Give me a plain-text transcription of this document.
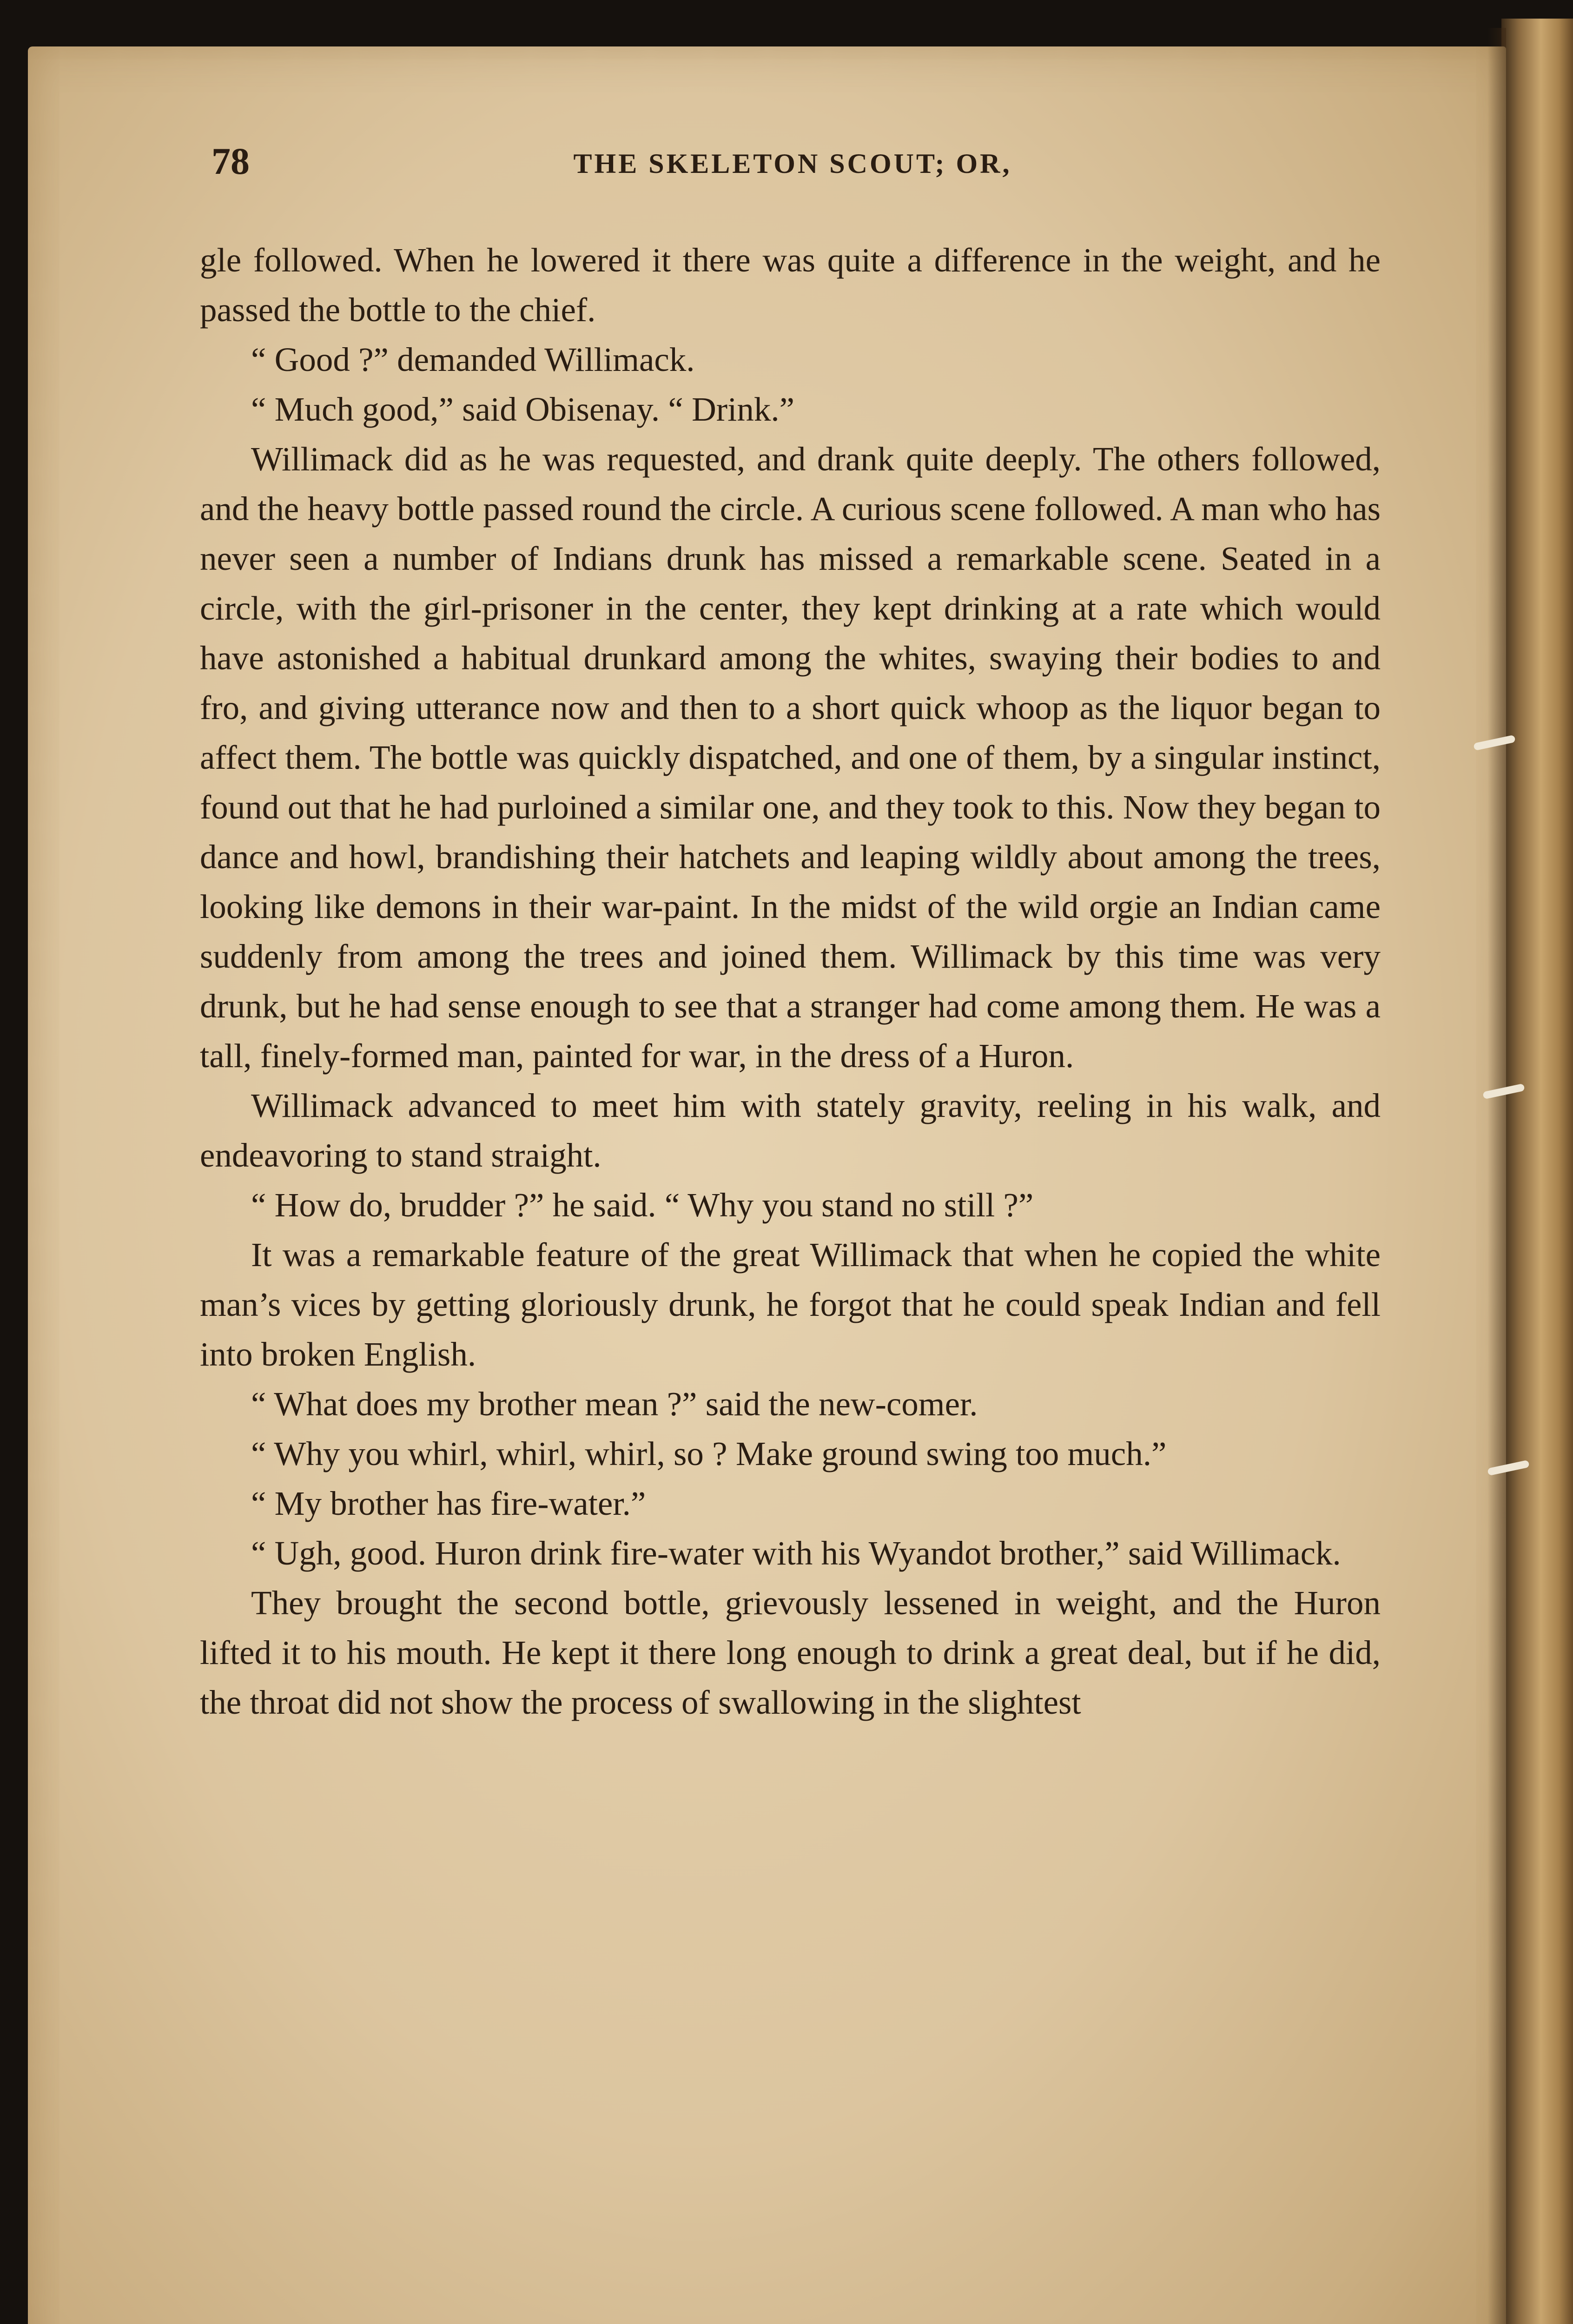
78	THE SKELETON SCOUT; OR,

gle followed. When he lowered it there was quite a difference in the weight, and he passed the bottle to the chief.

“ Good ?” demanded Willimack.

“ Much good,” said Obisenay. “ Drink.”

Willimack did as he was requested, and drank quite deeply. The others followed, and the heavy bottle passed round the circle. A curious scene followed. A man who has never seen a number of Indians drunk has missed a remarkable scene. Seated in a circle, with the girl-prisoner in the center, they kept drinking at a rate which would have astonished a habitual drunkard among the whites, swaying their bodies to and fro, and giving utterance now and then to a short quick whoop as the liquor began to affect them. The bottle was quickly dispatched, and one of them, by a singular instinct, found out that he had purloined a similar one, and they took to this. Now they began to dance and howl, brandishing their hatchets and leaping wildly about among the trees, looking like demons in their war-paint. In the midst of the wild orgie an Indian came suddenly from among the trees and joined them. Willimack by this time was very drunk, but he had sense enough to see that a stranger had come among them. He was a tall, finely-formed man, painted for war, in the dress of a Huron.

Willimack advanced to meet him with stately gravity, reeling in his walk, and endeavoring to stand straight.

“ How do, brudder ?” he said. “ Why you stand no still ?”

It was a remarkable feature of the great Willimack that when he copied the white man’s vices by getting gloriously drunk, he forgot that he could speak Indian and fell into broken English.

“ What does my brother mean ?” said the new-comer.

“ Why you whirl, whirl, whirl, so ? Make ground swing too much.”

“ My brother has fire-water.”

“ Ugh, good. Huron drink fire-water with his Wyandot brother,” said Willimack.

They brought the second bottle, grievously lessened in weight, and the Huron lifted it to his mouth. He kept it there long enough to drink a great deal, but if he did, the throat did not show the process of swallowing in the slightest
